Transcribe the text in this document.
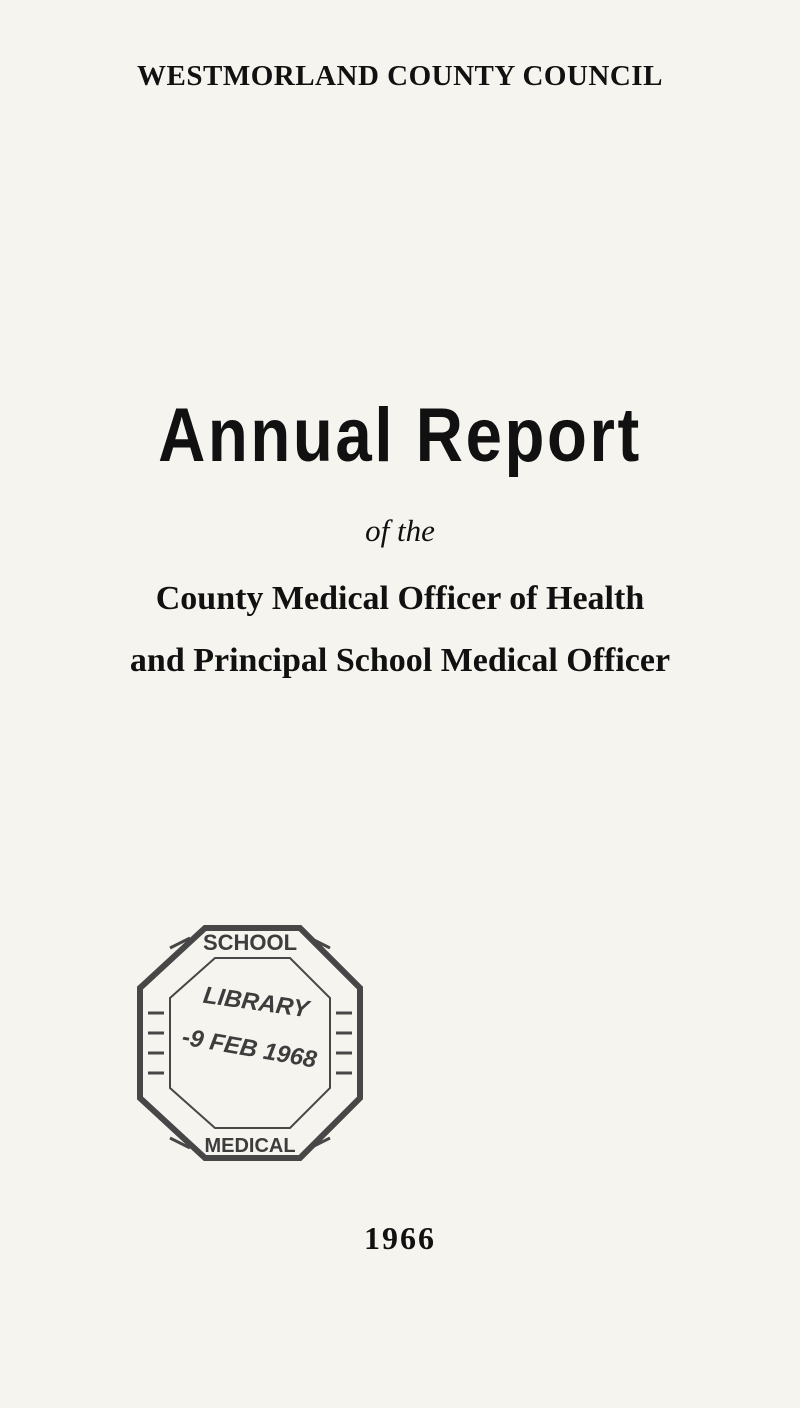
WESTMORLAND COUNTY COUNCIL
Annual Report
of the
County Medical Officer of Health
and Principal School Medical Officer
SCHOOL
MEDICAL
LIBRARY
-9 FEB 1968
1966
